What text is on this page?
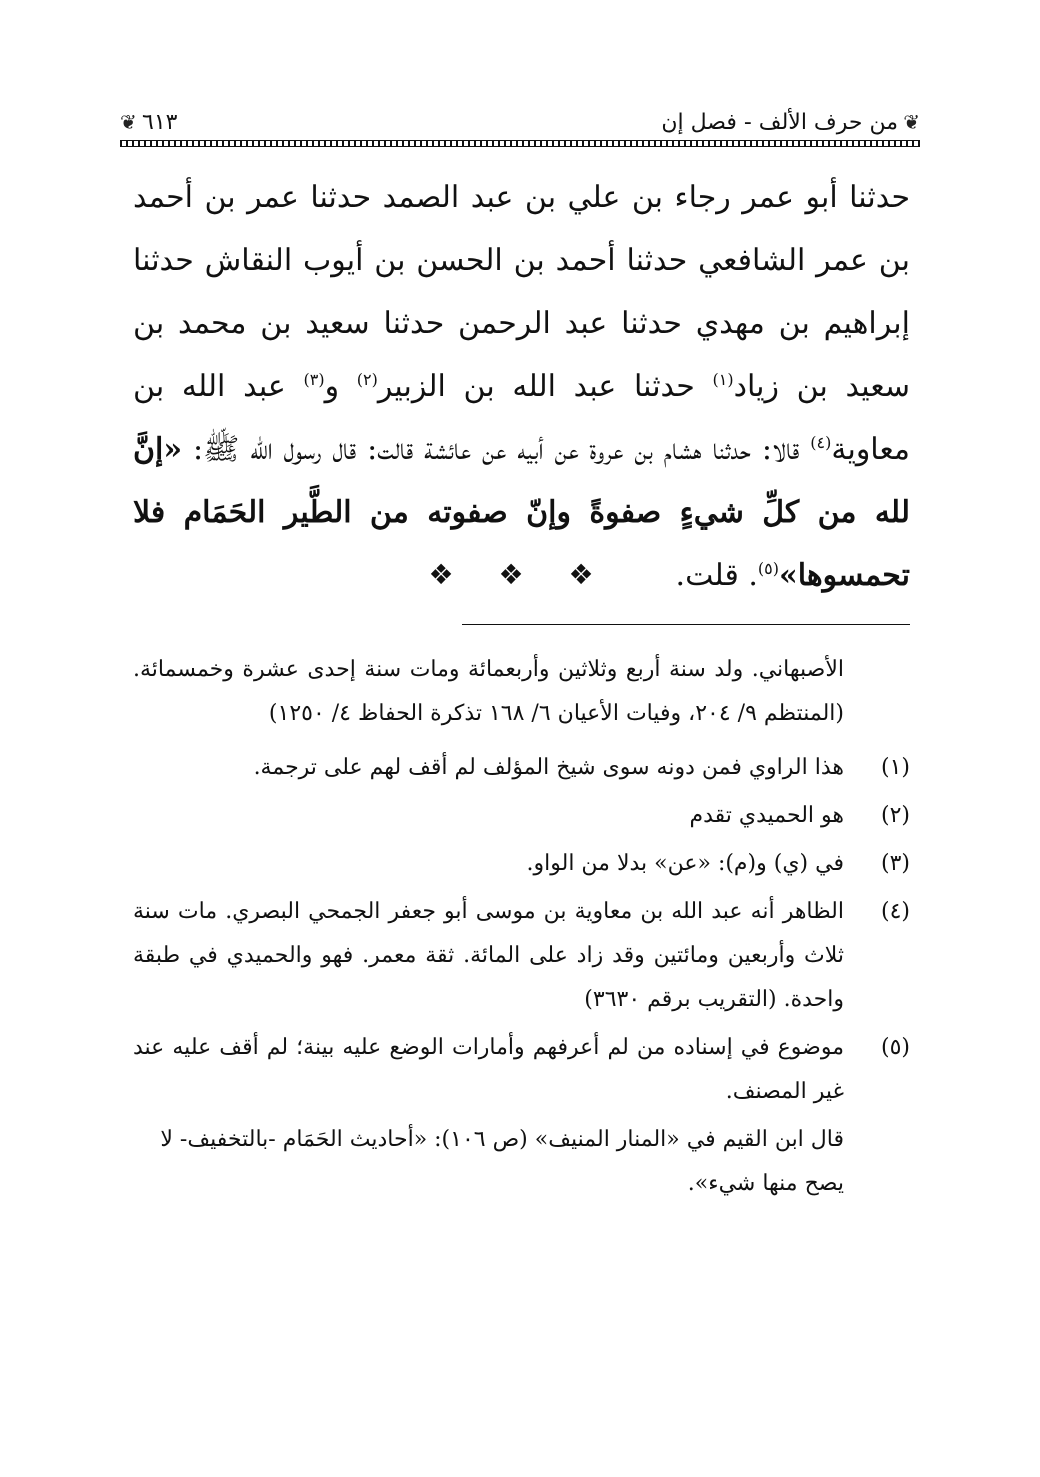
❦
من حرف الألف - فصل إن
٦١٣
❦

حدثنا أبو عمر رجاء بن علي بن عبد الصمد حدثنا عمر بن أحمد بن عمر الشافعي حدثنا أحمد بن الحسن بن أيوب النقاش حدثنا إبراهيم بن مهدي حدثنا عبد الرحمن حدثنا سعيد بن محمد بن سعيد بن زياد$^{(١)}$ حدثنا عبد الله بن الزبير$^{(٢)}$ و$^{(٣)}$ عبد الله بن معاوية$^{(٤)}$ قالا: حدثنا هشام بن عروة عن أبيه عن عائشة قالت: قال رسول الله ﷺ: «إنَّ لله من كلِّ شيءٍ صفوةً وإنّ صفوته من الطَّير الحَمَام فلا تحمسوها»$^{(٥)}$. قلت.

❖ ❖ ❖

الأصبهاني. ولد سنة أربع وثلاثين وأربعمائة ومات سنة إحدى عشرة وخمسمائة. (المنتظم ٩/ ٢٠٤، وفيات الأعيان ٦/ ١٦٨ تذكرة الحفاظ ٤/ ١٢٥٠)

(١)
هذا الراوي فمن دونه سوى شيخ المؤلف لم أقف لهم على ترجمة.
(٢)
هو الحميدي تقدم
(٣)
في (ي) و(م): «عن» بدلا من الواو.
(٤)
الظاهر أنه عبد الله بن معاوية بن موسى أبو جعفر الجمحي البصري. مات سنة ثلاث وأربعين ومائتين وقد زاد على المائة. ثقة معمر. فهو والحميدي في طبقة واحدة. (التقريب برقم ٣٦٣٠)
(٥)
موضوع في إسناده من لم أعرفهم وأمارات الوضع عليه بينة؛ لم أقف عليه عند غير المصنف.

قال ابن القيم في «المنار المنيف» (ص ١٠٦): «أحاديث الحَمَام -بالتخفيف- لا يصح منها شيء».
